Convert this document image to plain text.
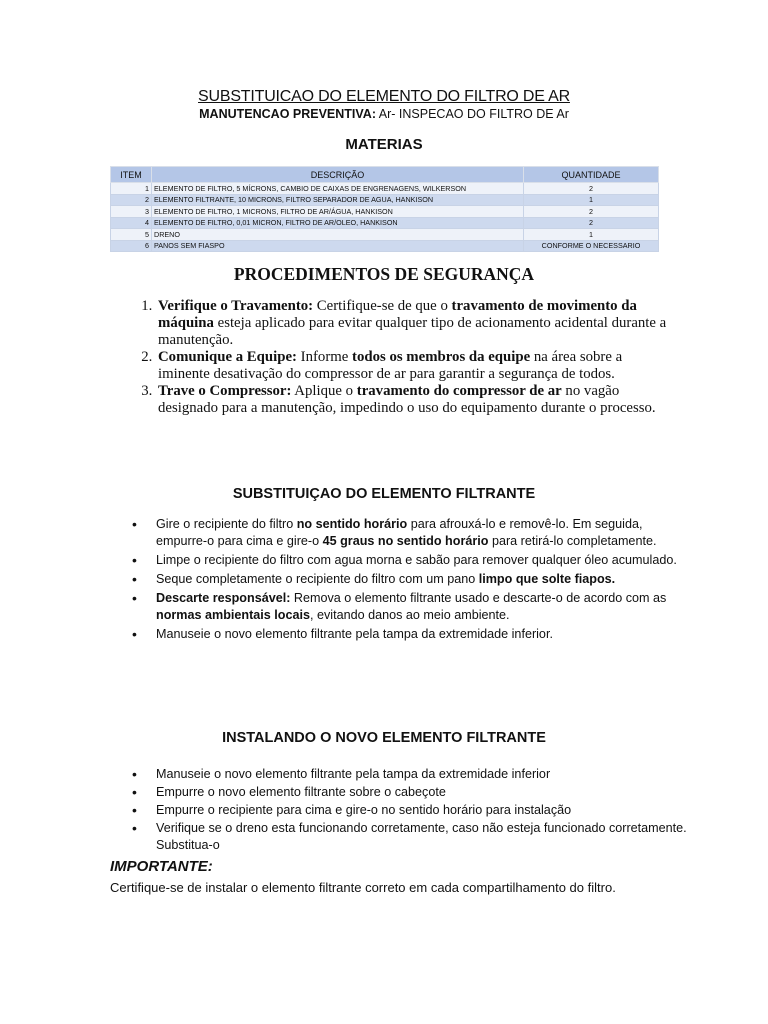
SUBSTITUICAO DO ELEMENTO DO FILTRO DE AR
MANUTENCAO PREVENTIVA: Ar- INSPECAO DO FILTRO DE Ar
MATERIAS
ITEM	DESCRIÇÃO	QUANTIDADE
1	ELEMENTO DE FILTRO, 5 MÍCRONS, CAMBIO DE CAIXAS DE ENGRENAGENS, WILKERSON	2
2	ELEMENTO FILTRANTE, 10 MICRONS, FILTRO SEPARADOR DE AGUA, HANKISON	1
3	ELEMENTO DE FILTRO, 1 MICRONS, FILTRO DE AR/ÁGUA, HANKISON	2
4	ELEMENTO DE FILTRO, 0,01 MICRON, FILTRO DE AR/OLEO, HANKISON	2
5	DRENO	1
6	PANOS SEM FIASPO	CONFORME O NECESSARIO
PROCEDIMENTOS DE SEGURANÇA
1. Verifique o Travamento: Certifique-se de que o travamento de movimento da máquina esteja aplicado para evitar qualquer tipo de acionamento acidental durante a manutenção.
2. Comunique a Equipe: Informe todos os membros da equipe na área sobre a iminente desativação do compressor de ar para garantir a segurança de todos.
3. Trave o Compressor: Aplique o travamento do compressor de ar no vagão designado para a manutenção, impedindo o uso do equipamento durante o processo.
SUBSTITUIÇAO DO ELEMENTO FILTRANTE
• Gire o recipiente do filtro no sentido horário para afrouxá-lo e removê-lo. Em seguida, empurre-o para cima e gire-o 45 graus no sentido horário para retirá-lo completamente.
• Limpe o recipiente do filtro com agua morna e sabão para remover qualquer óleo acumulado.
• Seque completamente o recipiente do filtro com um pano limpo que solte fiapos.
• Descarte responsável: Remova o elemento filtrante usado e descarte-o de acordo com as normas ambientais locais, evitando danos ao meio ambiente.
• Manuseie o novo elemento filtrante pela tampa da extremidade inferior.
INSTALANDO O NOVO ELEMENTO FILTRANTE
• Manuseie o novo elemento filtrante pela tampa da extremidade inferior
• Empurre o novo elemento filtrante sobre o cabeçote
• Empurre o recipiente para cima e gire-o no sentido horário para instalação
• Verifique se o dreno esta funcionando corretamente, caso não esteja funcionado corretamente. Substitua-o
IMPORTANTE:
Certifique-se de instalar o elemento filtrante correto em cada compartilhamento do filtro.
